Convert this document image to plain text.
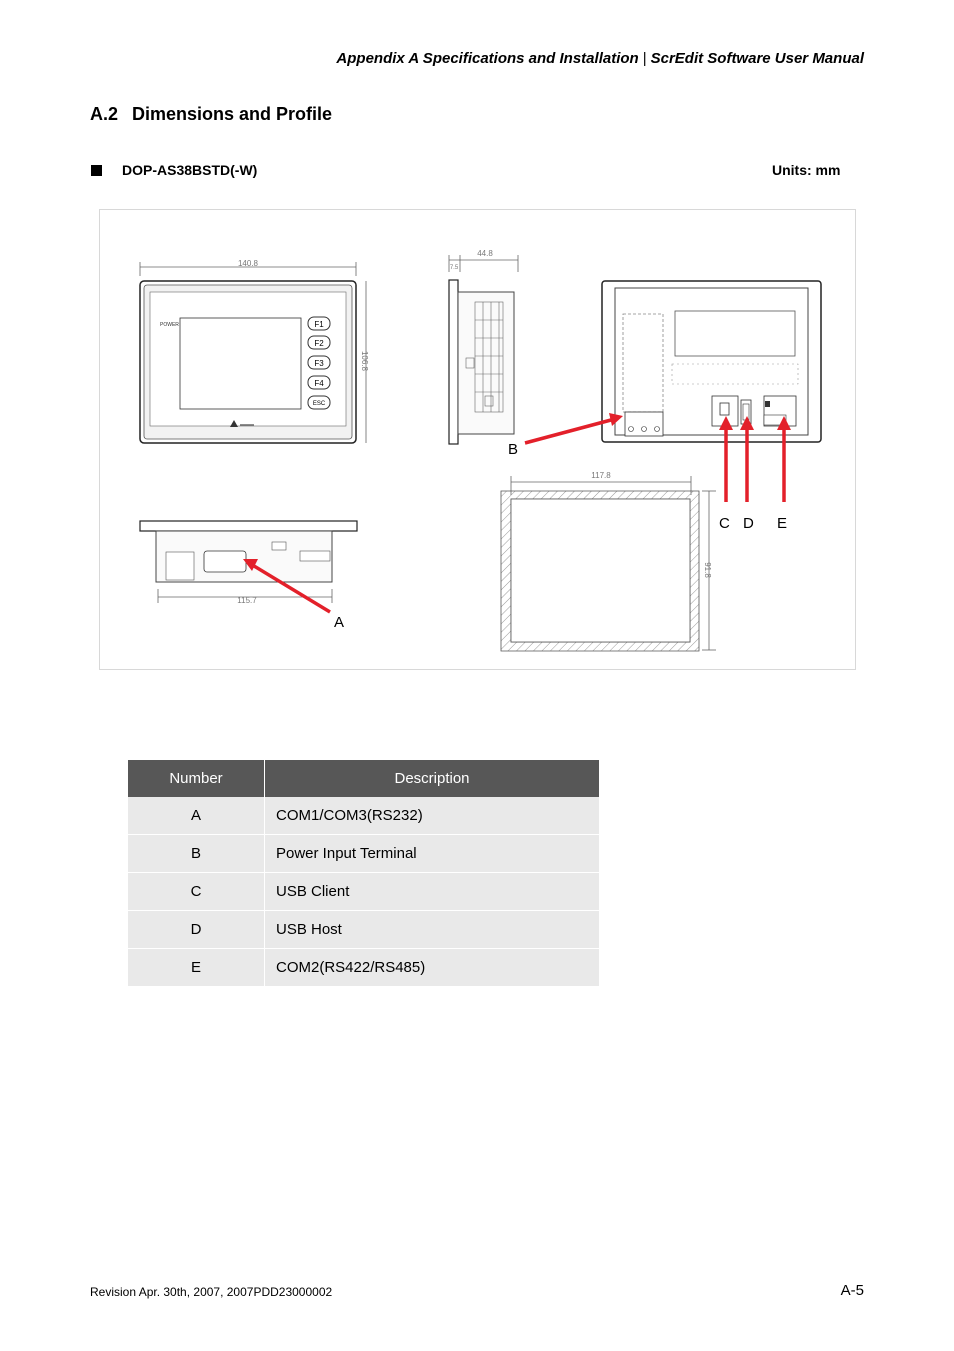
Appendix A Specifications and Installation | ScrEdit Software User Manual
A.2 Dimensions and Profile
DOP-AS38BSTD(-W)	Units: mm
140.8
106.8
POWER	F1
F2
F3
F4
ESC
44.8
7.5
115.7
117.8
91.8
A
B
C D E
Number	Description
A	COM1/COM3(RS232)
B	Power Input Terminal
C	USB Client
D	USB Host
E	COM2(RS422/RS485)
Revision Apr. 30th, 2007, 2007PDD23000002	A-5
